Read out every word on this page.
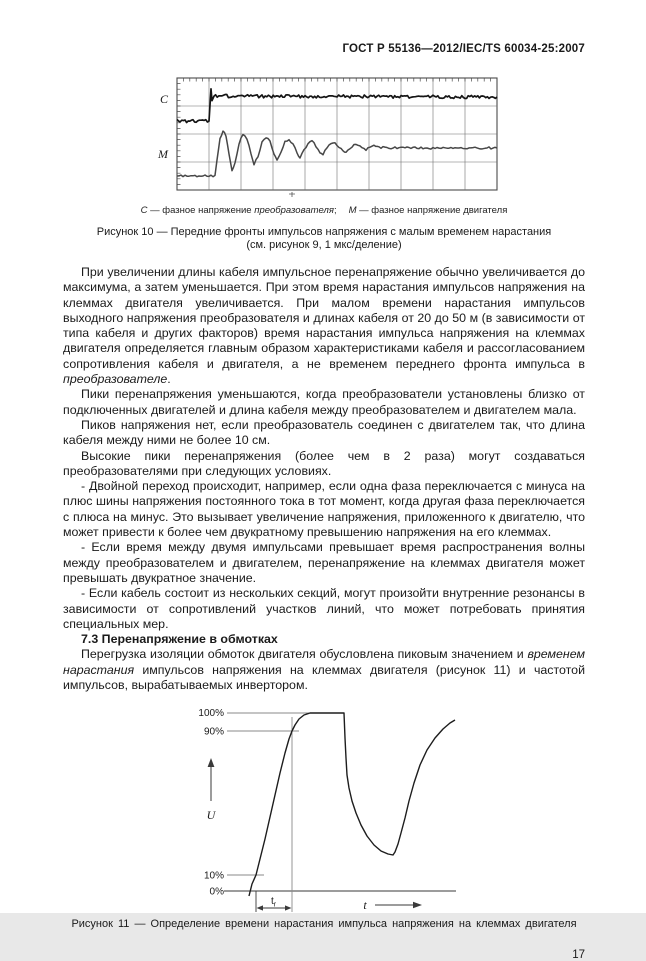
ГОСТ Р 55136—2012/IEC/TS 60034-25:2007
C
M
C — фазное напряжение преобразователя; М — фазное напряжение двигателя
Рисунок 10 — Передние фронты импульсов напряжения с малым временем нарастания
(см. рисунок 9, 1 мкс/деление)

При увеличении длины кабеля импульсное перенапряжение обычно увеличивается до максимума, а затем уменьшается. При этом время нарастания импульсов напряжения на клеммах двигателя увеличивается. При малом времени нарастания импульсов выходного напряжения преобразователя и длинах кабеля от 20 до 50 м (в зависимости от типа кабеля и других факторов) время нарастания импульса напряжения на клеммах двигателя определяется главным образом характеристиками кабеля и рассогласованием сопротивления кабеля и двигателя, а не временем переднего фронта импульса в преобразователе.

Пики перенапряжения уменьшаются, когда преобразователи установлены близко от подключенных двигателей и длина кабеля между преобразователем и двигателем мала.

Пиков напряжения нет, если преобразователь соединен с двигателем так, что длина кабеля между ними не более 10 см.

Высокие пики перенапряжения (более чем в 2 раза) могут создаваться преобразователями при следующих условиях.

- Двойной переход происходит, например, если одна фаза переключается с минуса на плюс шины напряжения постоянного тока в тот момент, когда другая фаза переключается с плюса на минус. Это вызывает увеличение напряжения, приложенного к двигателю, что может привести к более чем двукратному превышению напряжения на его клеммах.

- Если время между двумя импульсами превышает время распространения волны между преобразователем и двигателем, перенапряжение на клеммах двигателя может превышать двукратное значение.

- Если кабель состоит из нескольких секций, могут произойти внутренние резонансы в зависимости от сопротивлений участков линий, что может потребовать принятия специальных мер.

7.3 Перенапряжение в обмотках

Перегрузка изоляции обмоток двигателя обусловлена пиковым значением и временем нарастания импульсов напряжения на клеммах двигателя (рисунок 11) и частотой импульсов, вырабатываемых инвертором.

100%
90%
10%
0%
U
tr	t
Рисунок 11 — Определение времени нарастания импульса напряжения на клеммах двигателя
17
